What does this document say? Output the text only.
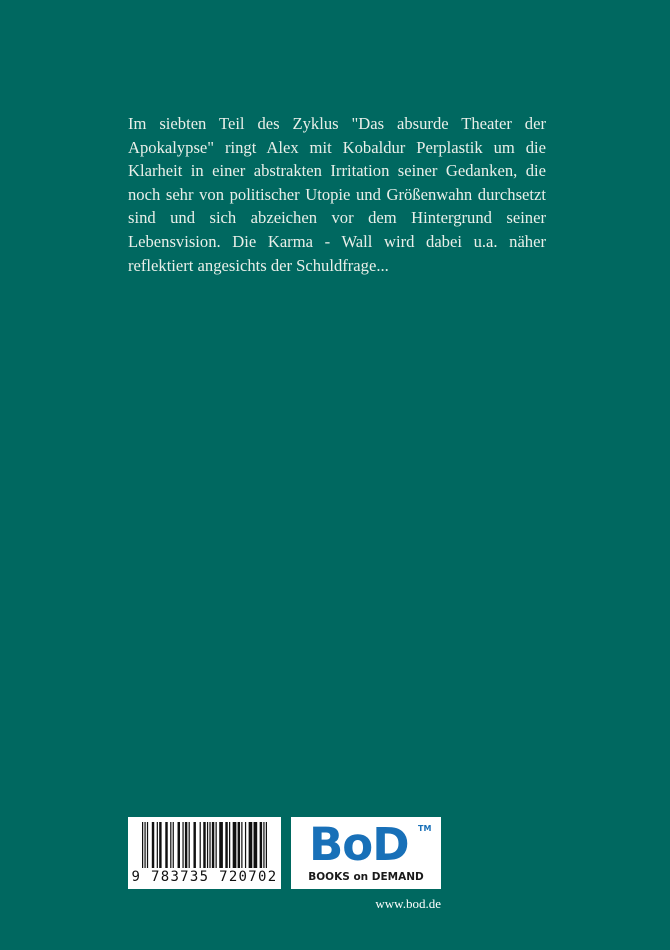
Im siebten Teil des Zyklus "Das absurde Theater der Apokalypse" ringt Alex mit Kobaldur Perplastik um die Klarheit in einer abstrakten Irritation seiner Gedanken, die noch sehr von politischer Utopie und Größenwahn durchsetzt sind und sich abzeichen vor dem Hintergrund seiner Lebensvision. Die Karma - Wall wird dabei u.a. näher reflektiert angesichts der Schuldfrage...

9 783735 720702
BoD TM
BOOKS on DEMAND
www.bod.de
